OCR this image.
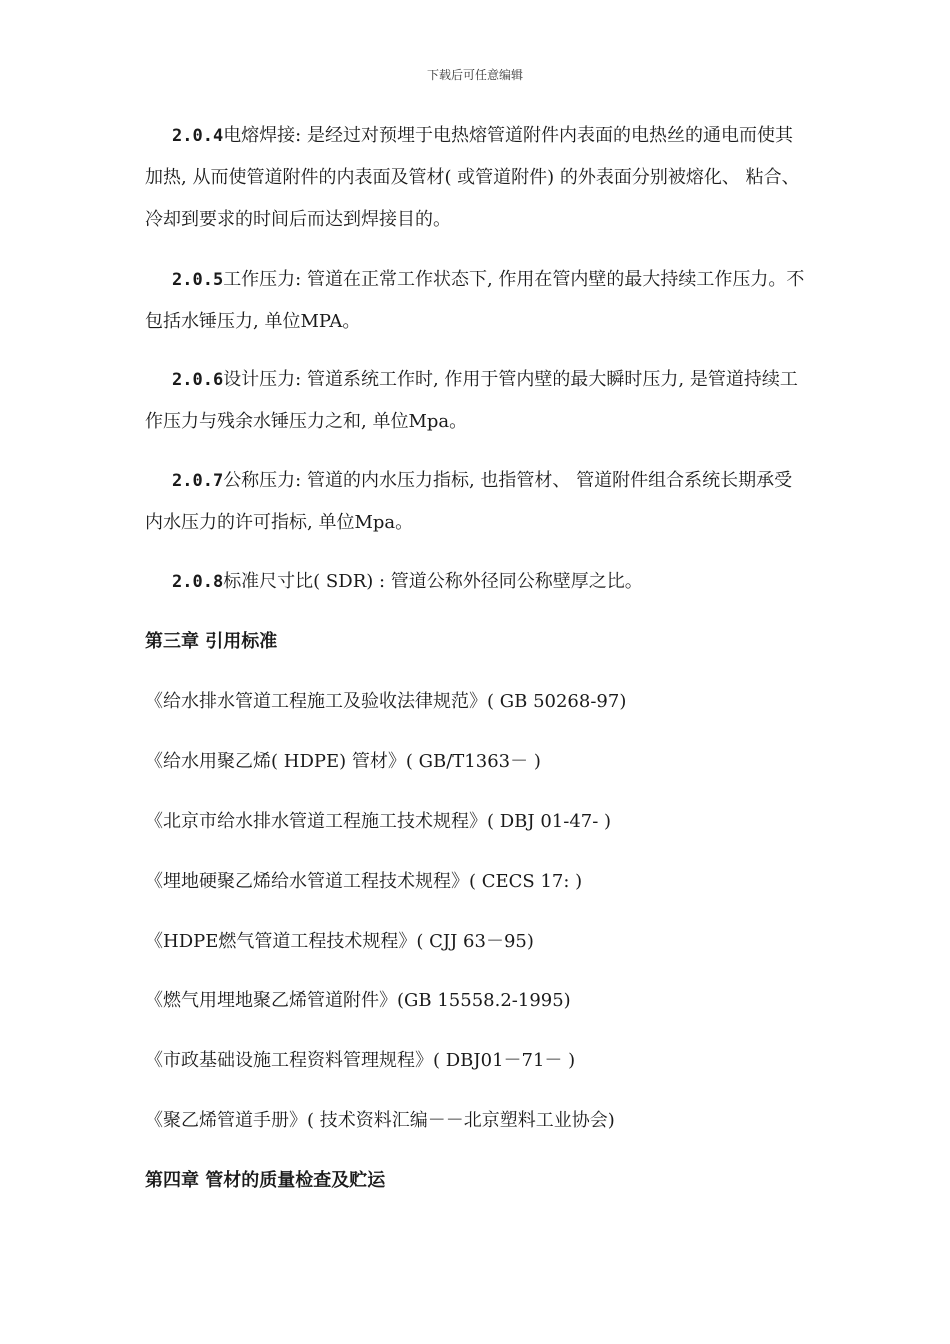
下载后可任意编辑

2.0.4电熔焊接: 是经过对预埋于电热熔管道附件内表面的电热丝的通电而使其加热, 从而使管道附件的内表面及管材( 或管道附件) 的外表面分别被熔化、 粘合、 冷却到要求的时间后而达到焊接目的。

2.0.5工作压力: 管道在正常工作状态下, 作用在管内壁的最大持续工作压力。不包括水锤压力, 单位MPA。

2.0.6设计压力: 管道系统工作时, 作用于管内壁的最大瞬时压力, 是管道持续工作压力与残余水锤压力之和, 单位Mpa。

2.0.7公称压力: 管道的内水压力指标, 也指管材、 管道附件组合系统长期承受内水压力的许可指标, 单位Mpa。

2.0.8标准尺寸比( SDR) : 管道公称外径同公称壁厚之比。

第三章 引用标准

《给水排水管道工程施工及验收法律规范》( GB 50268-97)

《给水用聚乙烯( HDPE) 管材》( GB/T1363－ )

《北京市给水排水管道工程施工技术规程》( DBJ 01-47- )

《埋地硬聚乙烯给水管道工程技术规程》( CECS 17: )

《HDPE燃气管道工程技术规程》( CJJ 63－95)

《燃气用埋地聚乙烯管道附件》(GB 15558.2-1995)

《市政基础设施工程资料管理规程》( DBJ01－71－ )

《聚乙烯管道手册》( 技术资料汇编－－北京塑料工业协会)

第四章 管材的质量检查及贮运
